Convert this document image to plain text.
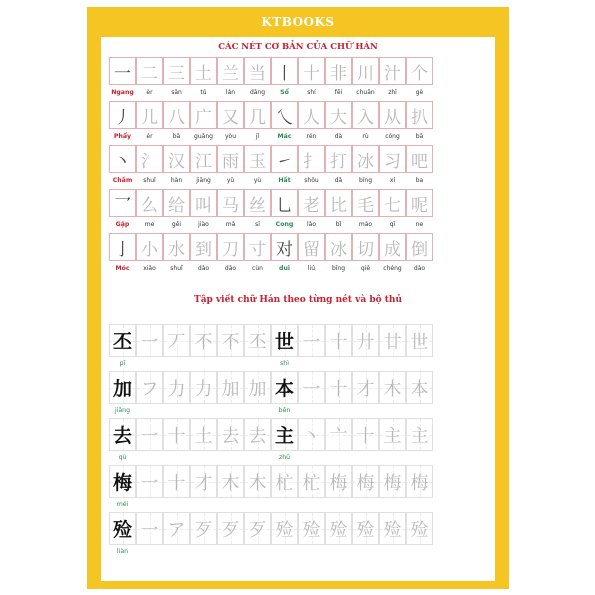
KTBOOKS
CÁC NÉT CƠ BẢN CỦA CHỮ HÁN
一 二 三 土 兰 当 丨 十 非 川 汁 个
Ngang	èr	sān	tǔ	lán	dāng	Sổ	shí	fēi	chuān	zhī	gè
丿 儿 八 广 又 几 乀 人 大 入 从 扒
Phẩy	ér	bā	guǎng	yòu	jǐ	Mác	rén	dà	rù	cóng	bā
丶 氵 汉 江 雨 玉 ㇀ 扌 打 冰 习 吧
Chấm	shuǐ	hàn	jiāng	yǔ	yù	Hất	shǒu	dǎ	bīng	xí	ba
乛 么 给 叫 马 丝 乚 老 比 毛 七 呢
Gập	me	gěi	jiào	mǎ	sī	Cong	lǎo	bǐ	máo	qī	ne
亅 小 水 到 刀 寸 对 留 冰 切 成 倒
Móc	xiǎo	shuǐ	dào	dāo	cùn	duì	liú	bīng	qiē	chéng	dào
Tập viết chữ Hán theo từng nét và bộ thủ
丕 一 丆 不 不 丕 世 一 十 廾 廿 世
pī	shì
加 フ 力 力 加 加 本 一 十 才 木 本
jiāng	běn
去 一 十 土 去 去 主 丶 亠 十 主 主
qù	zhǔ
梅 一 十 才 木 木 杧 杧 梅 梅 梅 梅
méi
殓 一 ア 歹 歹 歹 殓 殓 殓 殓 殓 殓
liàn
